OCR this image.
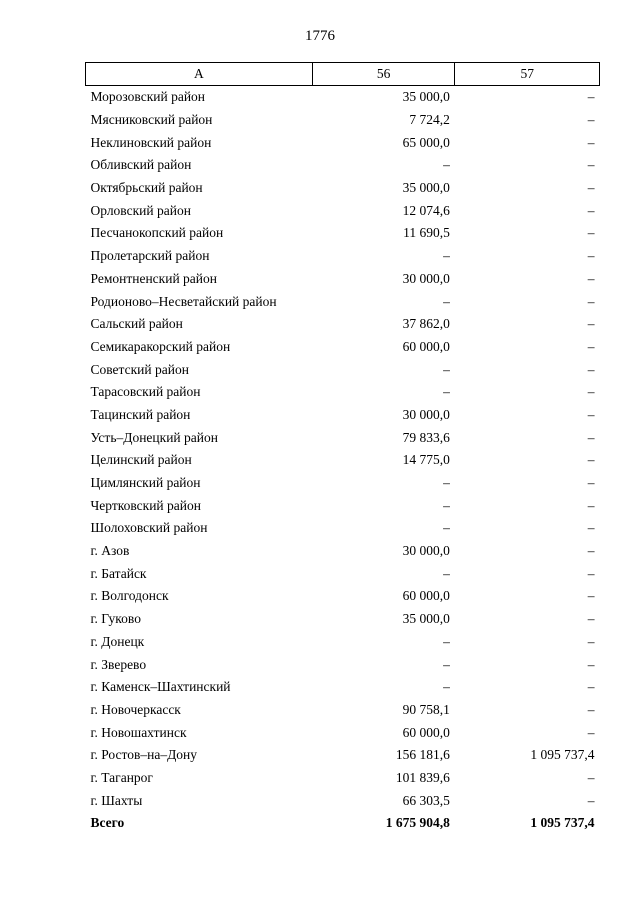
1776
А	56	57
Морозовский район	35 000,0	–
Мясниковский район	7 724,2	–
Неклиновский район	65 000,0	–
Обливский район	–	–
Октябрьский район	35 000,0	–
Орловский район	12 074,6	–
Песчанокопский район	11 690,5	–
Пролетарский район	–	–
Ремонтненский район	30 000,0	–
Родионово–Несветайский район	–	–
Сальский район	37 862,0	–
Семикаракорский район	60 000,0	–
Советский район	–	–
Тарасовский район	–	–
Тацинский район	30 000,0	–
Усть–Донецкий район	79 833,6	–
Целинский район	14 775,0	–
Цимлянский район	–	–
Чертковский район	–	–
Шолоховский район	–	–
г. Азов	30 000,0	–
г. Батайск	–	–
г. Волгодонск	60 000,0	–
г. Гуково	35 000,0	–
г. Донецк	–	–
г. Зверево	–	–
г. Каменск–Шахтинский	–	–
г. Новочеркасск	90 758,1	–
г. Новошахтинск	60 000,0	–
г. Ростов–на–Дону	156 181,6	1 095 737,4
г. Таганрог	101 839,6	–
г. Шахты	66 303,5	–
Всего	1 675 904,8	1 095 737,4
